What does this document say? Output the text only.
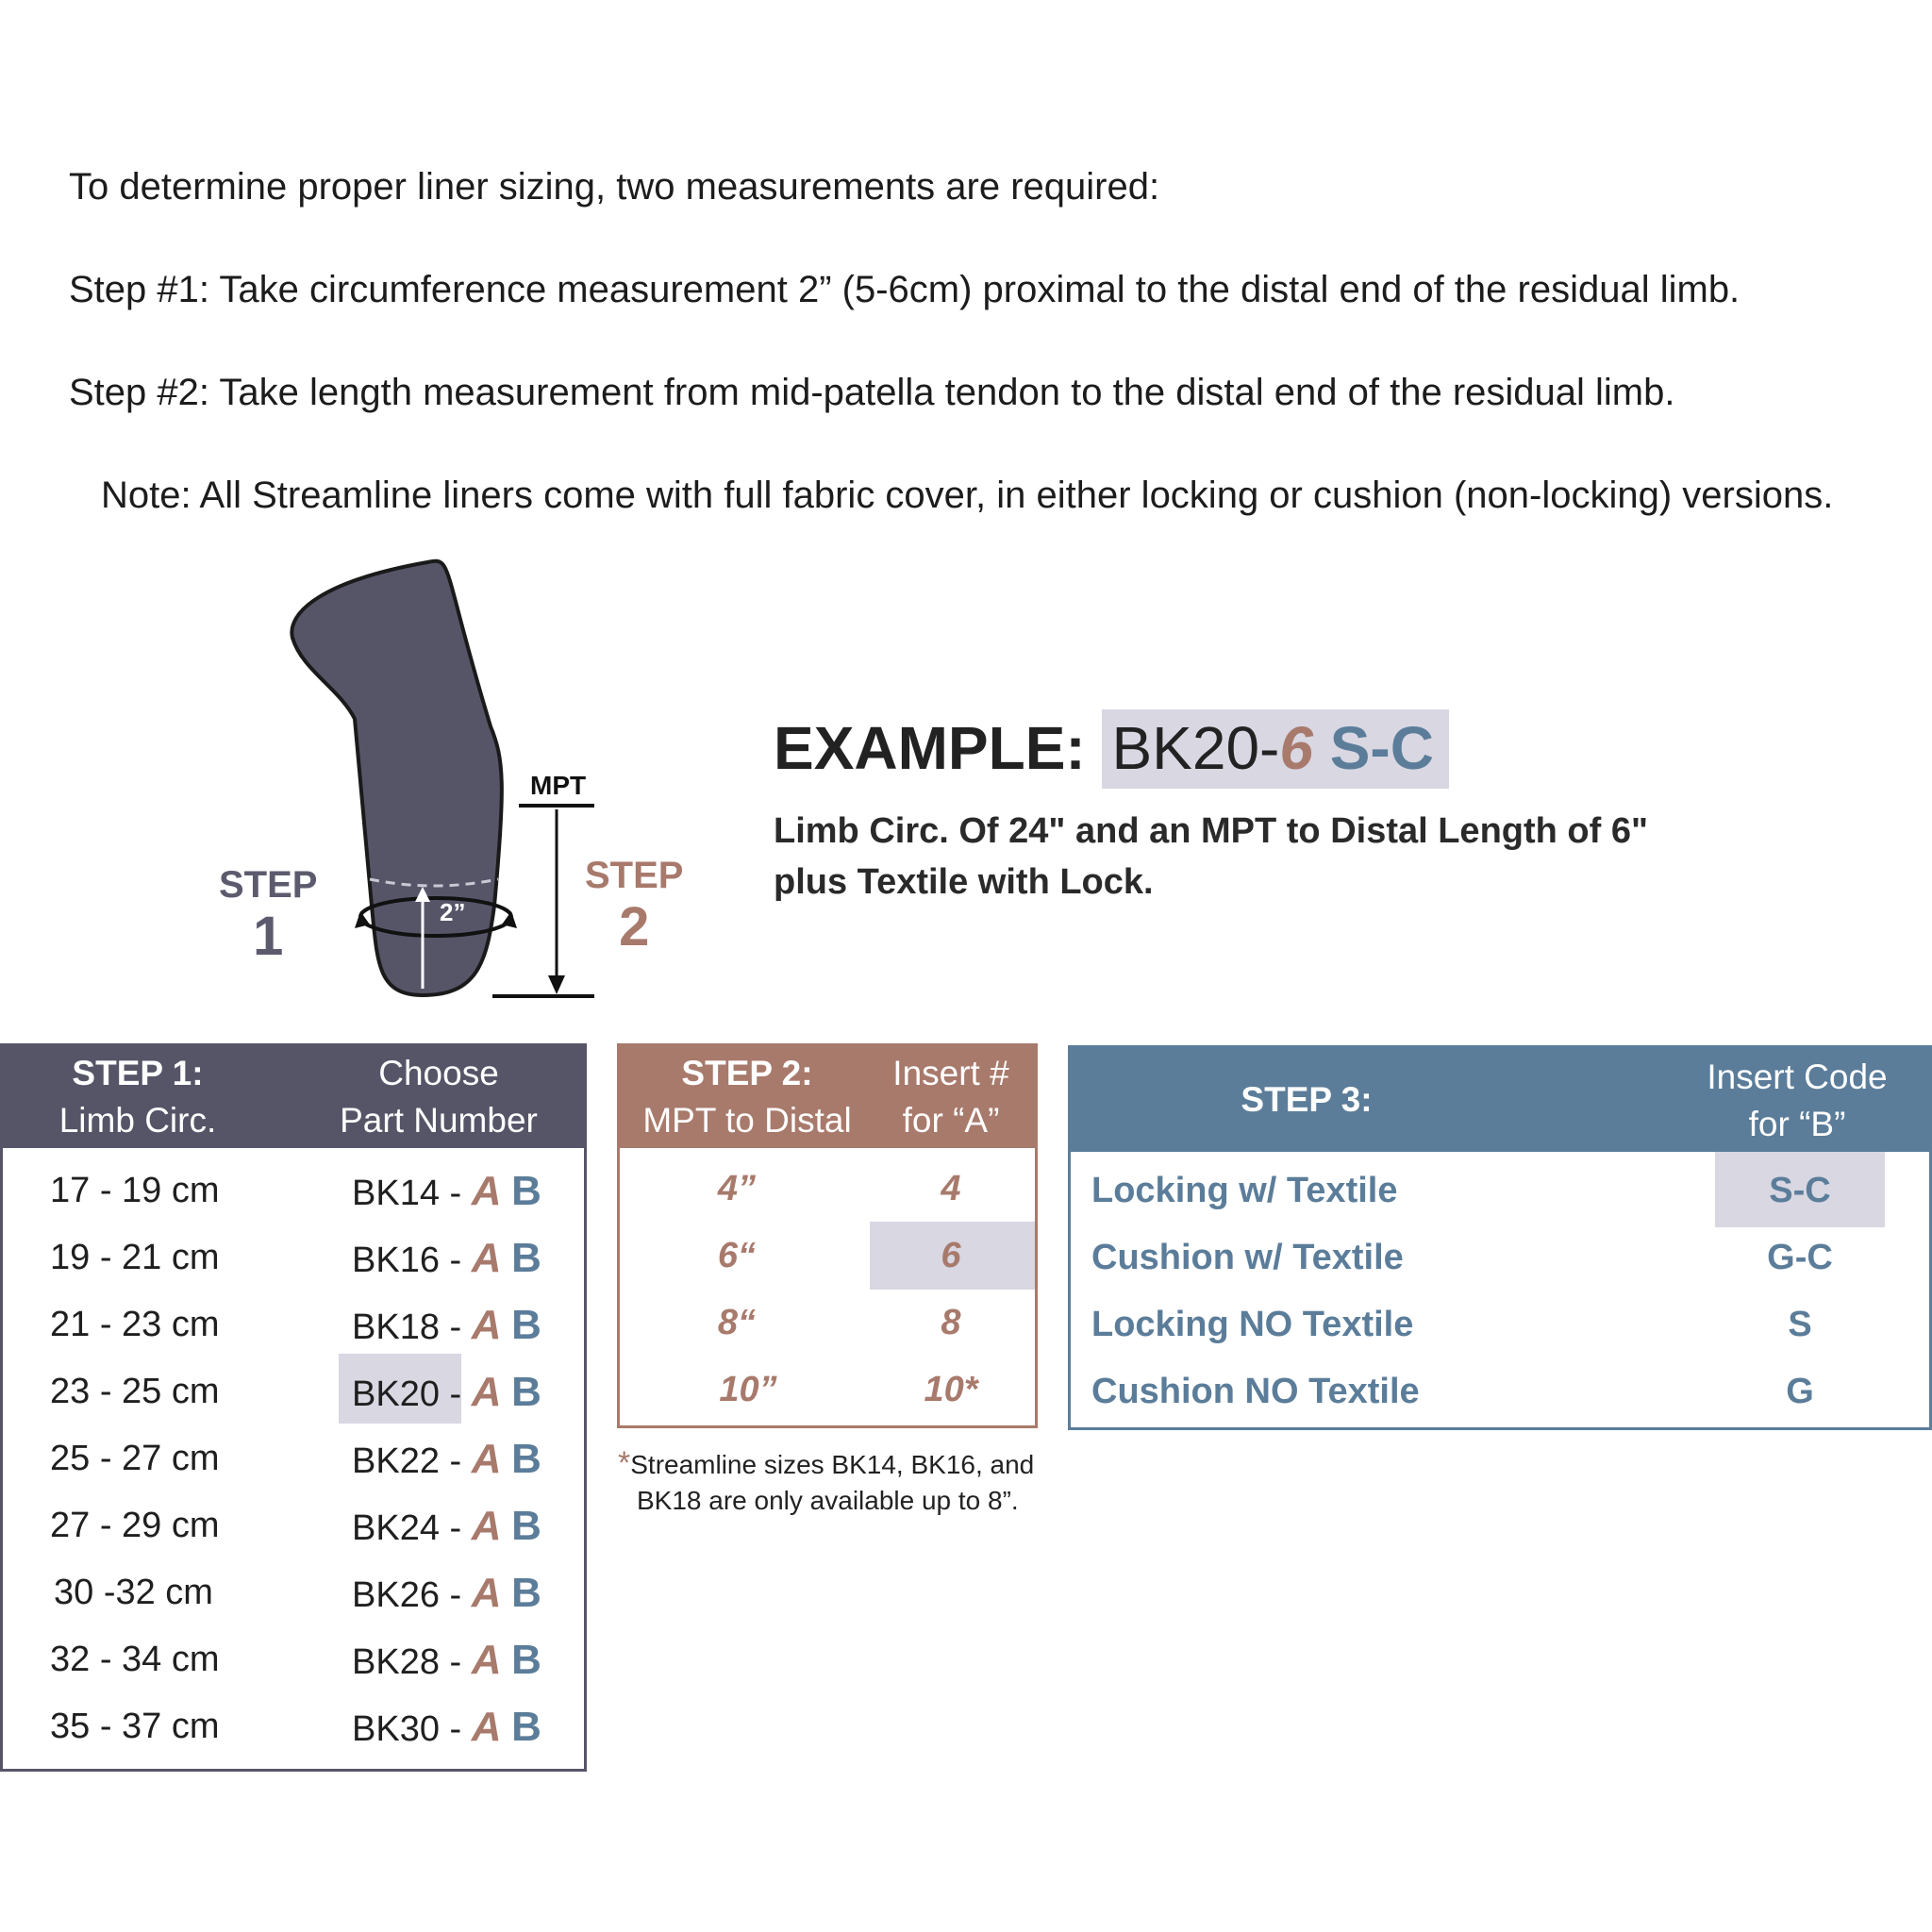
To determine proper liner sizing, two measurements are required:
Step #1: Take circumference measurement 2” (5-6cm) proximal to the distal end of the residual limb.
Step #2: Take length measurement from mid-patella tendon to the distal end of the residual limb.
Note: All Streamline liners come with full fabric cover, in either locking or cushion (non-locking) versions.
2”
MPT
STEP
1
STEP
2
EXAMPLE: BK20-6 S-C
Limb Circ. Of 24" and an MPT to Distal Length of 6"
plus Textile with Lock.
STEP 1:
Limb Circ.
Choose
Part Number
17 - 19 cm	BK14 - A B
19 - 21 cm	BK16 - A B
21 - 23 cm	BK18 - A B
23 - 25 cm	BK20 - A B
25 - 27 cm	BK22 - A B
27 - 29 cm	BK24 - A B
30 -32 cm	BK26 - A B
32 - 34 cm	BK28 - A B
35 - 37 cm	BK30 - A B
STEP 2:
MPT to Distal
Insert #
for “A”
4”	4
6“	6
8“	8
10”	10*
*Streamline sizes BK14, BK16, and
BK18 are only available up to 8”.
STEP 3:
Insert Code
for “B”
Locking w/ Textile	S-C
Cushion w/ Textile	G-C
Locking NO Textile	S
Cushion NO Textile	G
